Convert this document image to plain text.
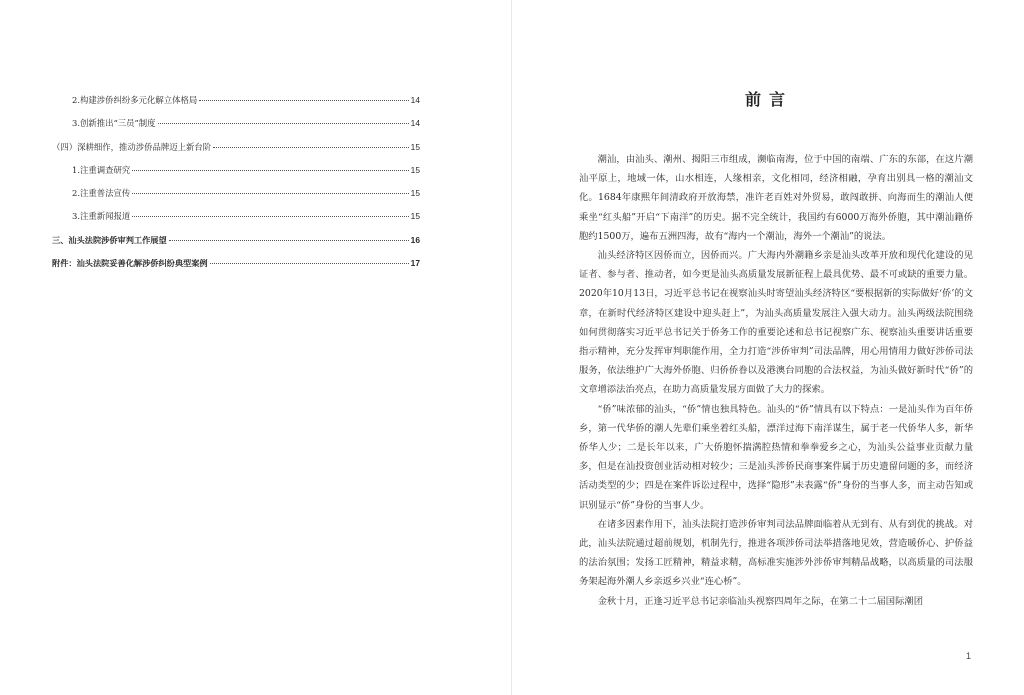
2.构建涉侨纠纷多元化解立体格局	14
3.创新推出“三员”制度	14
（四）深耕细作，推动涉侨品牌迈上新台阶	15
1.注重调查研究	15
2.注重普法宣传	15
3.注重新闻报道	15
三、汕头法院涉侨审判工作展望	16
附件：汕头法院妥善化解涉侨纠纷典型案例	17
前言

潮汕，由汕头、潮州、揭阳三市组成，濒临南海，位于中国的南端、广东的东部，在这片潮汕平原上，地域一体，山水相连，人缘相亲，文化相同，经济相融，孕育出别具一格的潮汕文化。1684年康熙年间清政府开放海禁，准许老百姓对外贸易，敢闯敢拼、向海而生的潮汕人便乘坐“红头船”开启“下南洋”的历史。据不完全统计，我国约有6000万海外侨胞，其中潮汕籍侨胞约1500万，遍布五洲四海，故有“海内一个潮汕，海外一个潮汕”的说法。

汕头经济特区因侨而立，因侨而兴。广大海内外潮籍乡亲是汕头改革开放和现代化建设的见证者、参与者、推动者，如今更是汕头高质量发展新征程上最具优势、最不可或缺的重要力量。2020年10月13日，习近平总书记在视察汕头时寄望汕头经济特区“要根据新的实际做好‘侨’的文章，在新时代经济特区建设中迎头赶上”，为汕头高质量发展注入强大动力。汕头两级法院围绕如何贯彻落实习近平总书记关于侨务工作的重要论述和总书记视察广东、视察汕头重要讲话重要指示精神，充分发挥审判职能作用，全力打造“涉侨审判”司法品牌，用心用情用力做好涉侨司法服务，依法维护广大海外侨胞、归侨侨眷以及港澳台同胞的合法权益，为汕头做好新时代“侨”的文章增添法治亮点，在助力高质量发展方面做了大力的探索。

“侨”味浓郁的汕头，“侨”情也独具特色。汕头的“侨”情具有以下特点：一是汕头作为百年侨乡，第一代华侨的潮人先辈们乘坐着红头船，漂洋过海下南洋谋生，属于老一代侨华人多，新华侨华人少；二是长年以来，广大侨胞怀揣满腔热情和拳拳爱乡之心，为汕头公益事业贡献力量多，但是在汕投资创业活动相对较少；三是汕头涉侨民商事案件属于历史遗留问题的多，而经济活动类型的少；四是在案件诉讼过程中，选择“隐形”未表露“侨”身份的当事人多，而主动告知或识别显示“侨”身份的当事人少。

在诸多因素作用下，汕头法院打造涉侨审判司法品牌面临着从无到有、从有到优的挑战。对此，汕头法院通过超前规划，机制先行，推进各项涉侨司法举措落地见效，营造暖侨心、护侨益的法治氛围；发扬工匠精神，精益求精，高标准实施涉外涉侨审判精品战略，以高质量的司法服务架起海外潮人乡亲返乡兴业“连心桥”。

金秋十月，正逢习近平总书记亲临汕头视察四周年之际，在第二十二届国际潮团

1
